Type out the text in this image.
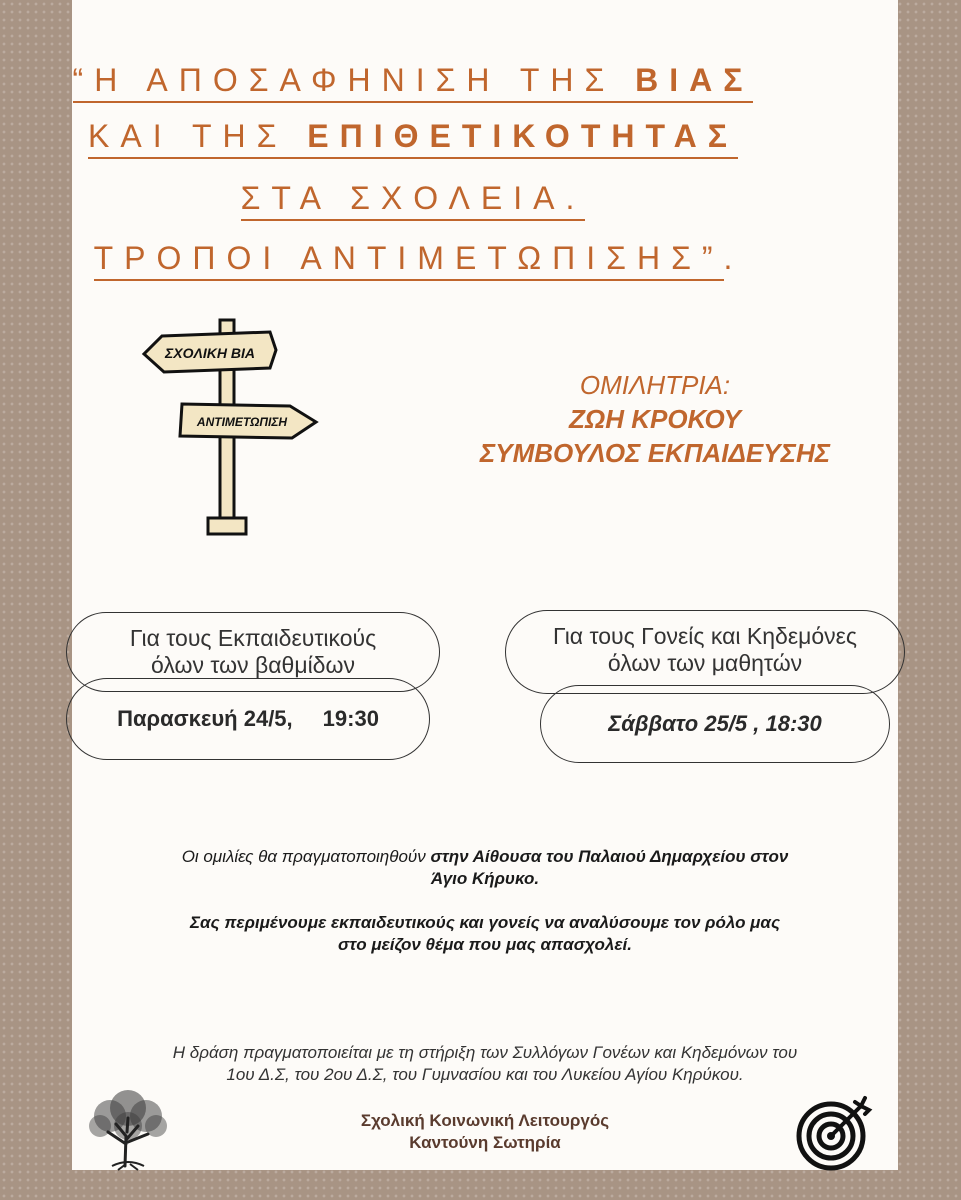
“Η ΑΠΟΣΑΦΗΝΙΣΗ ΤΗΣ ΒΙΑΣ
ΚΑΙ ΤΗΣ ΕΠΙΘΕΤΙΚΟΤΗΤΑΣ
ΣΤΑ ΣΧΟΛΕΙΑ.
ΤΡΟΠΟΙ ΑΝΤΙΜΕΤΩΠΙΣΗΣ”.
ΣΧΟΛΙΚΗ ΒΙΑ
ΑΝΤΙΜΕΤΩΠΙΣΗ
ΟΜΙΛΗΤΡΙΑ:
ΖΩΗ ΚΡΟΚΟΥ
ΣΥΜΒΟΥΛΟΣ ΕΚΠΑΙΔΕΥΣΗΣ
Για τους Εκπαιδευτικούς
όλων των βαθμίδων
Παρασκευή 24/5, 19:30
Για τους Γονείς και Κηδεμόνες
όλων των μαθητών
Σάββατο 25/5 , 18:30
Οι ομιλίες θα πραγματοποιηθούν στην Αίθουσα του Παλαιού Δημαρχείου στον
Άγιο Κήρυκο.
Σας περιμένουμε εκπαιδευτικούς και γονείς να αναλύσουμε τον ρόλο μας
στο μείζον θέμα που μας απασχολεί.
Η δράση πραγματοποιείται με τη στήριξη των Συλλόγων Γονέων και Κηδεμόνων του
1ου Δ.Σ, του 2ου Δ.Σ, του Γυμνασίου και του Λυκείου Αγίου Κηρύκου.
Σχολική Κοινωνική Λειτουργός
Καντούνη Σωτηρία
